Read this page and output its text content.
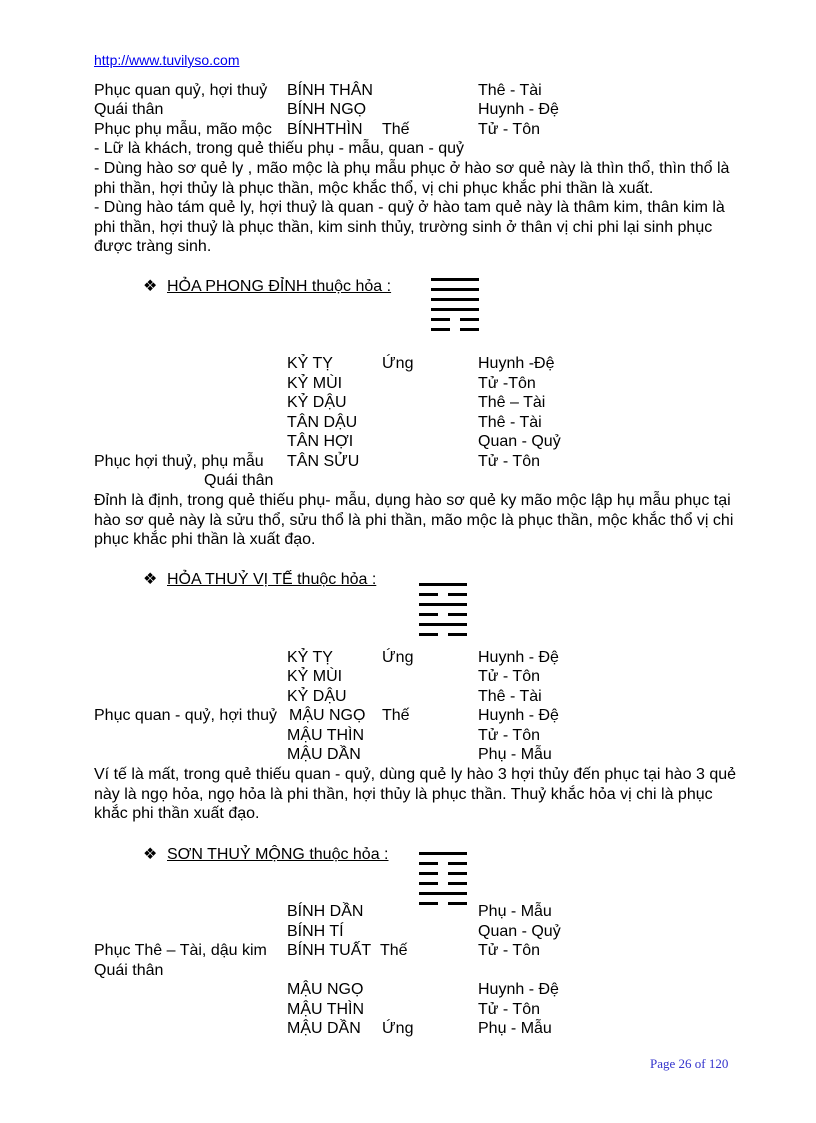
http://www.tuvilyso.com
Phục quan quỷ, hợi thuỷ BÍNH THÂN	Thê - Tài
Quái thân	BÍNH NGỌ	Huynh - Đệ
Phục phụ mẫu, mão mộc BÍNHTHÌN Thế	Tử - Tôn
- Lữ là khách, trong quẻ thiếu phụ - mẫu, quan - quỷ
- Dùng hào sơ quẻ ly , mão mộc là phụ mẫu phục ở hào sơ quẻ này là thìn thổ, thìn thổ là phi thần, hợi thủy là phục thần, mộc khắc thổ, vị chi phục khắc phi thần là xuất.
- Dùng hào tám quẻ ly, hợi thuỷ là quan - quỷ ở hào tam quẻ này là thâm kim, thân kim là phi thần, hợi thuỷ là phục thần, kim sinh thủy, trường sinh ở thân vị chi phi lại sinh phục được tràng sinh.
❖ HỎA PHONG ĐỈNH thuộc hỏa :
KỶ TỴ	Ứng	Huynh -Đệ
KỶ MÙI	Tử -Tôn
KỶ DẬU	Thê – Tài
TÂN DẬU	Thê - Tài
TÂN HỢI	Quan - Quỷ
Phục hợi thuỷ, phụ mẫu TÂN SỬU	Tử - Tôn
Quái thân
Đỉnh là định, trong quẻ thiếu phụ- mẫu, dụng hào sơ quẻ ky mão mộc lập hụ mẫu phục tại hào sơ quẻ này là sửu thổ, sửu thổ là phi thần, mão mộc là phục thần, mộc khắc thổ vị chi phục khắc phi thần là xuất đạo.
❖ HỎA THUỶ VỊ TẾ thuộc hỏa :
KỶ TỴ	Ứng	Huynh - Đệ
KỶ MÙI	Tử - Tôn
KỶ DẬU	Thê - Tài
Phục quan - quỷ, hợi thuỷ MẬU NGỌ Thế	Huynh - Đệ
MẬU THÌN	Tử - Tôn
MẬU DẦN	Phụ - Mẫu
Ví tế là mất, trong quẻ thiếu quan - quỷ, dùng quẻ ly hào 3 hợi thủy đến phục tại hào 3 quẻ này là ngọ hỏa, ngọ hỏa là phi thần, hợi thủy là phục thần. Thuỷ khắc hỏa vị chi là phục khắc phi thần xuất đạo.
❖ SƠN THUỶ MỘNG thuộc hỏa :
BÍNH DẦN	Phụ - Mẫu
BÍNH TÍ	Quan - Quỷ
Phục Thê – Tài, dậu kim BÍNH TUẤT Thế	Tử - Tôn
Quái thân
MẬU NGỌ	Huynh - Đệ
MẬU THÌN	Tử - Tôn
MẬU DẦN Ứng	Phụ - Mẫu
Page 26 of 120
